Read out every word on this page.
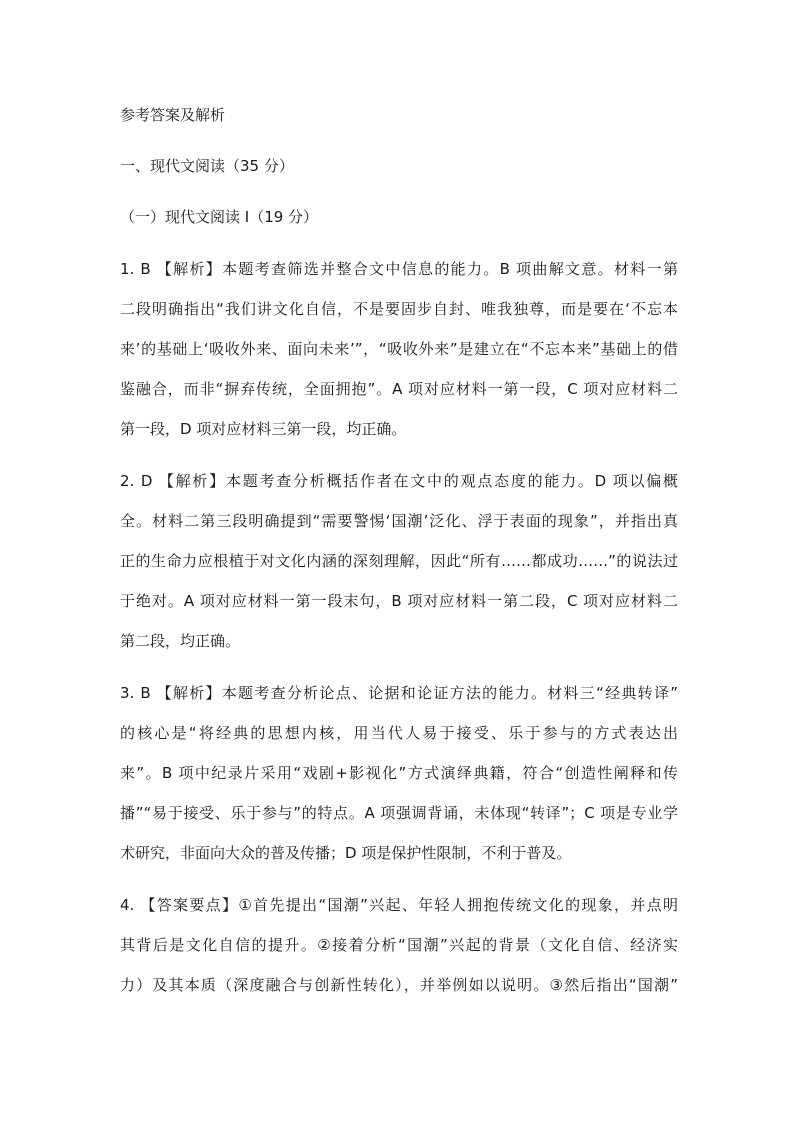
参考答案及解析
一、现代文阅读（35 分）
（一）现代文阅读 I（19 分）
1. B 【解析】本题考查筛选并整合文中信息的能力。B 项曲解文意。材料一第
二段明确指出“我们讲文化自信，不是要固步自封、唯我独尊，而是要在‘不忘本
来’的基础上‘吸收外来、面向未来’”，“吸收外来”是建立在“不忘本来”基础上的借
鉴融合，而非“摒弃传统，全面拥抱”。A 项对应材料一第一段，C 项对应材料二
第一段，D 项对应材料三第一段，均正确。
2. D 【解析】本题考查分析概括作者在文中的观点态度的能力。D 项以偏概
全。材料二第三段明确提到“需要警惕‘国潮’泛化、浮于表面的现象”，并指出真
正的生命力应根植于对文化内涵的深刻理解，因此“所有……都成功……”的说法过
于绝对。A 项对应材料一第一段末句，B 项对应材料一第二段，C 项对应材料二
第二段，均正确。
3. B 【解析】本题考查分析论点、论据和论证方法的能力。材料三“经典转译”
的核心是“将经典的思想内核，用当代人易于接受、乐于参与的方式表达出
来”。B 项中纪录片采用“戏剧+影视化”方式演绎典籍，符合“创造性阐释和传
播”“易于接受、乐于参与”的特点。A 项强调背诵，未体现“转译”；C 项是专业学
术研究，非面向大众的普及传播；D 项是保护性限制，不利于普及。
4. 【答案要点】①首先提出“国潮”兴起、年轻人拥抱传统文化的现象，并点明
其背后是文化自信的提升。②接着分析“国潮”兴起的背景（文化自信、经济实
力）及其本质（深度融合与创新性转化），并举例如以说明。③然后指出“国潮”
